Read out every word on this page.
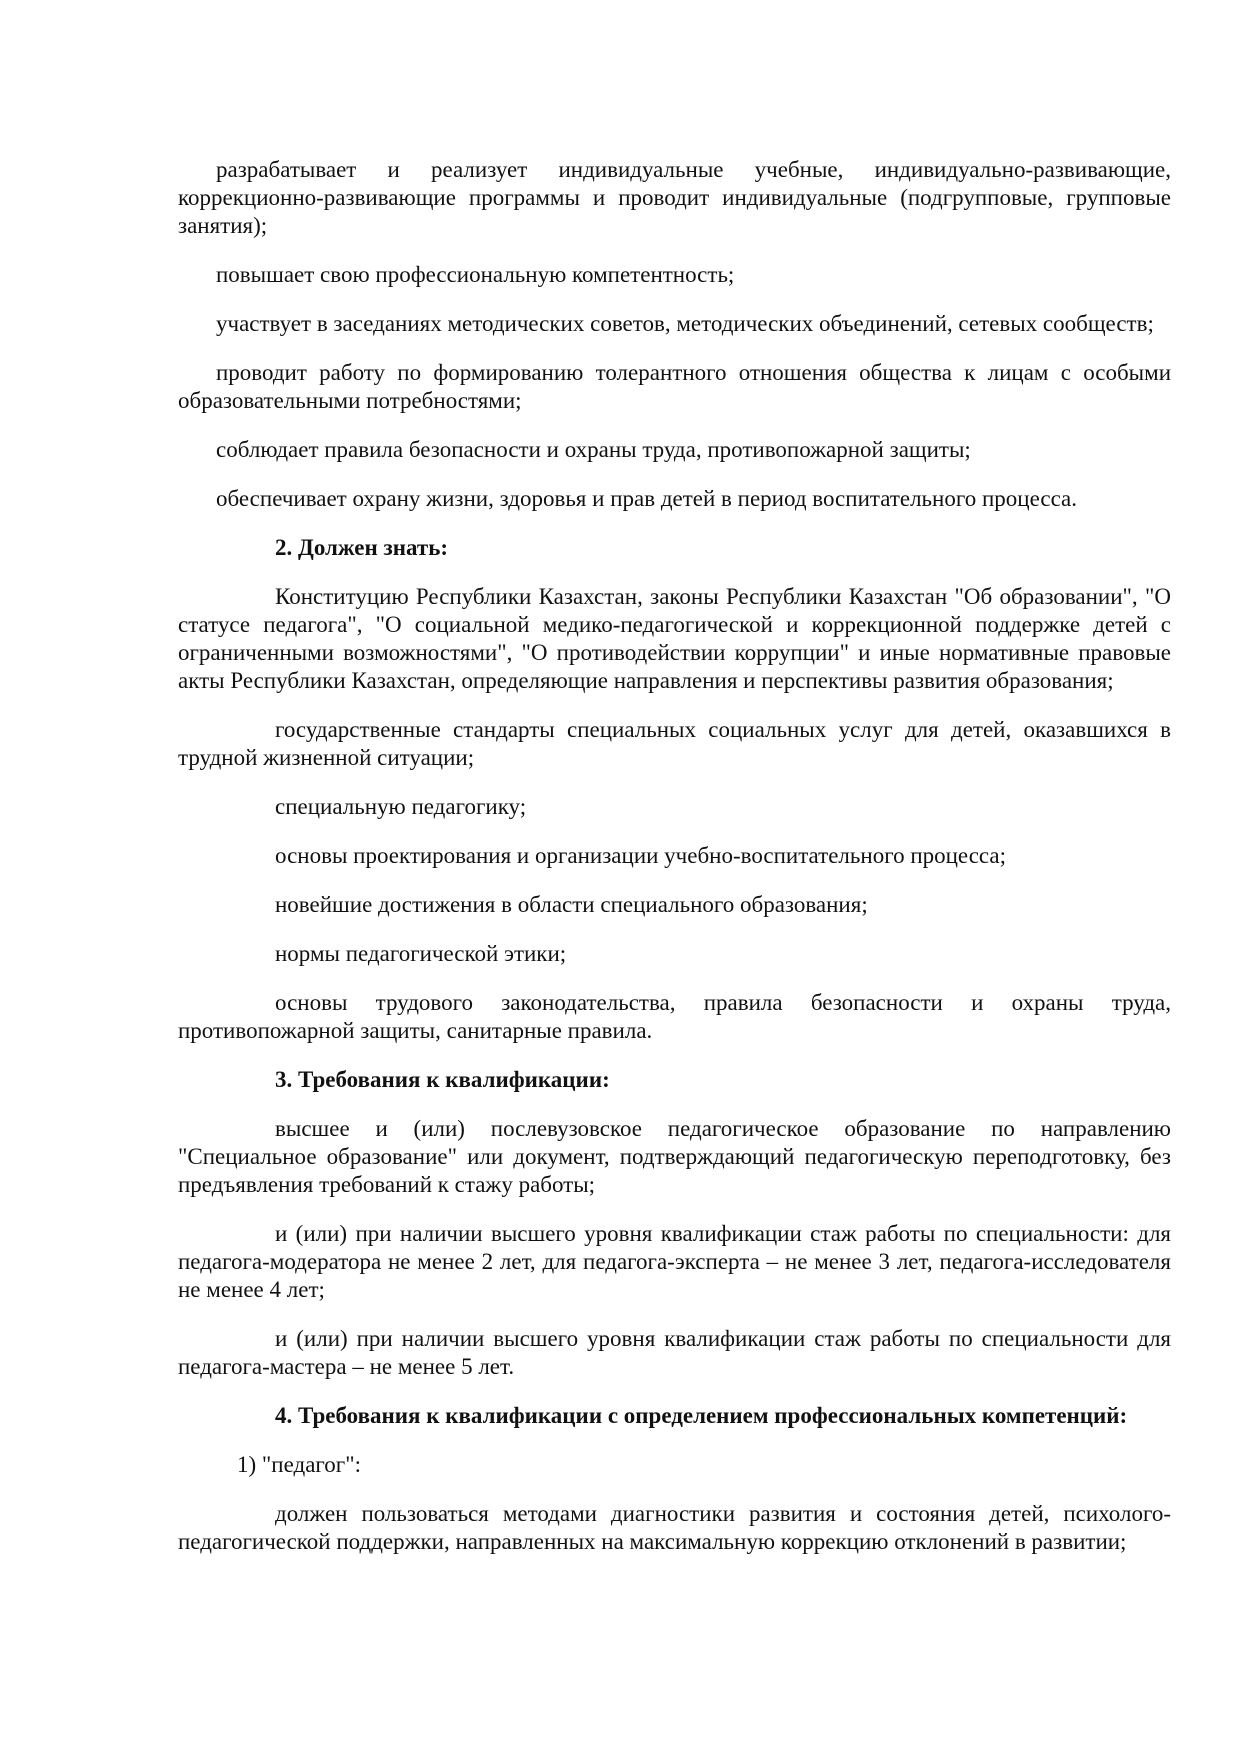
разрабатывает и реализует индивидуальные учебные, индивидуально-развивающие, коррекционно-развивающие программы и проводит индивидуальные (подгрупповые, групповые занятия);

повышает свою профессиональную компетентность;

участвует в заседаниях методических советов, методических объединений, сетевых сообществ;

проводит работу по формированию толерантного отношения общества к лицам с особыми образовательными потребностями;

соблюдает правила безопасности и охраны труда, противопожарной защиты;

обеспечивает охрану жизни, здоровья и прав детей в период воспитательного процесса.

2. Должен знать:

Конституцию Республики Казахстан, законы Республики Казахстан "Об образовании", "О статусе педагога", "О социальной медико-педагогической и коррекционной поддержке детей с ограниченными возможностями", "О противодействии коррупции" и иные нормативные правовые акты Республики Казахстан, определяющие направления и перспективы развития образования;

государственные стандарты специальных социальных услуг для детей, оказавшихся в трудной жизненной ситуации;

специальную педагогику;

основы проектирования и организации учебно-воспитательного процесса;

новейшие достижения в области специального образования;

нормы педагогической этики;

основы трудового законодательства, правила безопасности и охраны труда, противопожарной защиты, санитарные правила.

3. Требования к квалификации:

высшее и (или) послевузовское педагогическое образование по направлению "Специальное образование" или документ, подтверждающий педагогическую переподготовку, без предъявления требований к стажу работы;

и (или) при наличии высшего уровня квалификации стаж работы по специальности: для педагога-модератора не менее 2 лет, для педагога-эксперта – не менее 3 лет, педагога-исследователя не менее 4 лет;

и (или) при наличии высшего уровня квалификации стаж работы по специальности для педагога-мастера – не менее 5 лет.

4. Требования к квалификации с определением профессиональных компетенций:

1) "педагог":

должен пользоваться методами диагностики развития и состояния детей, психолого-педагогической поддержки, направленных на максимальную коррекцию отклонений в развитии;
